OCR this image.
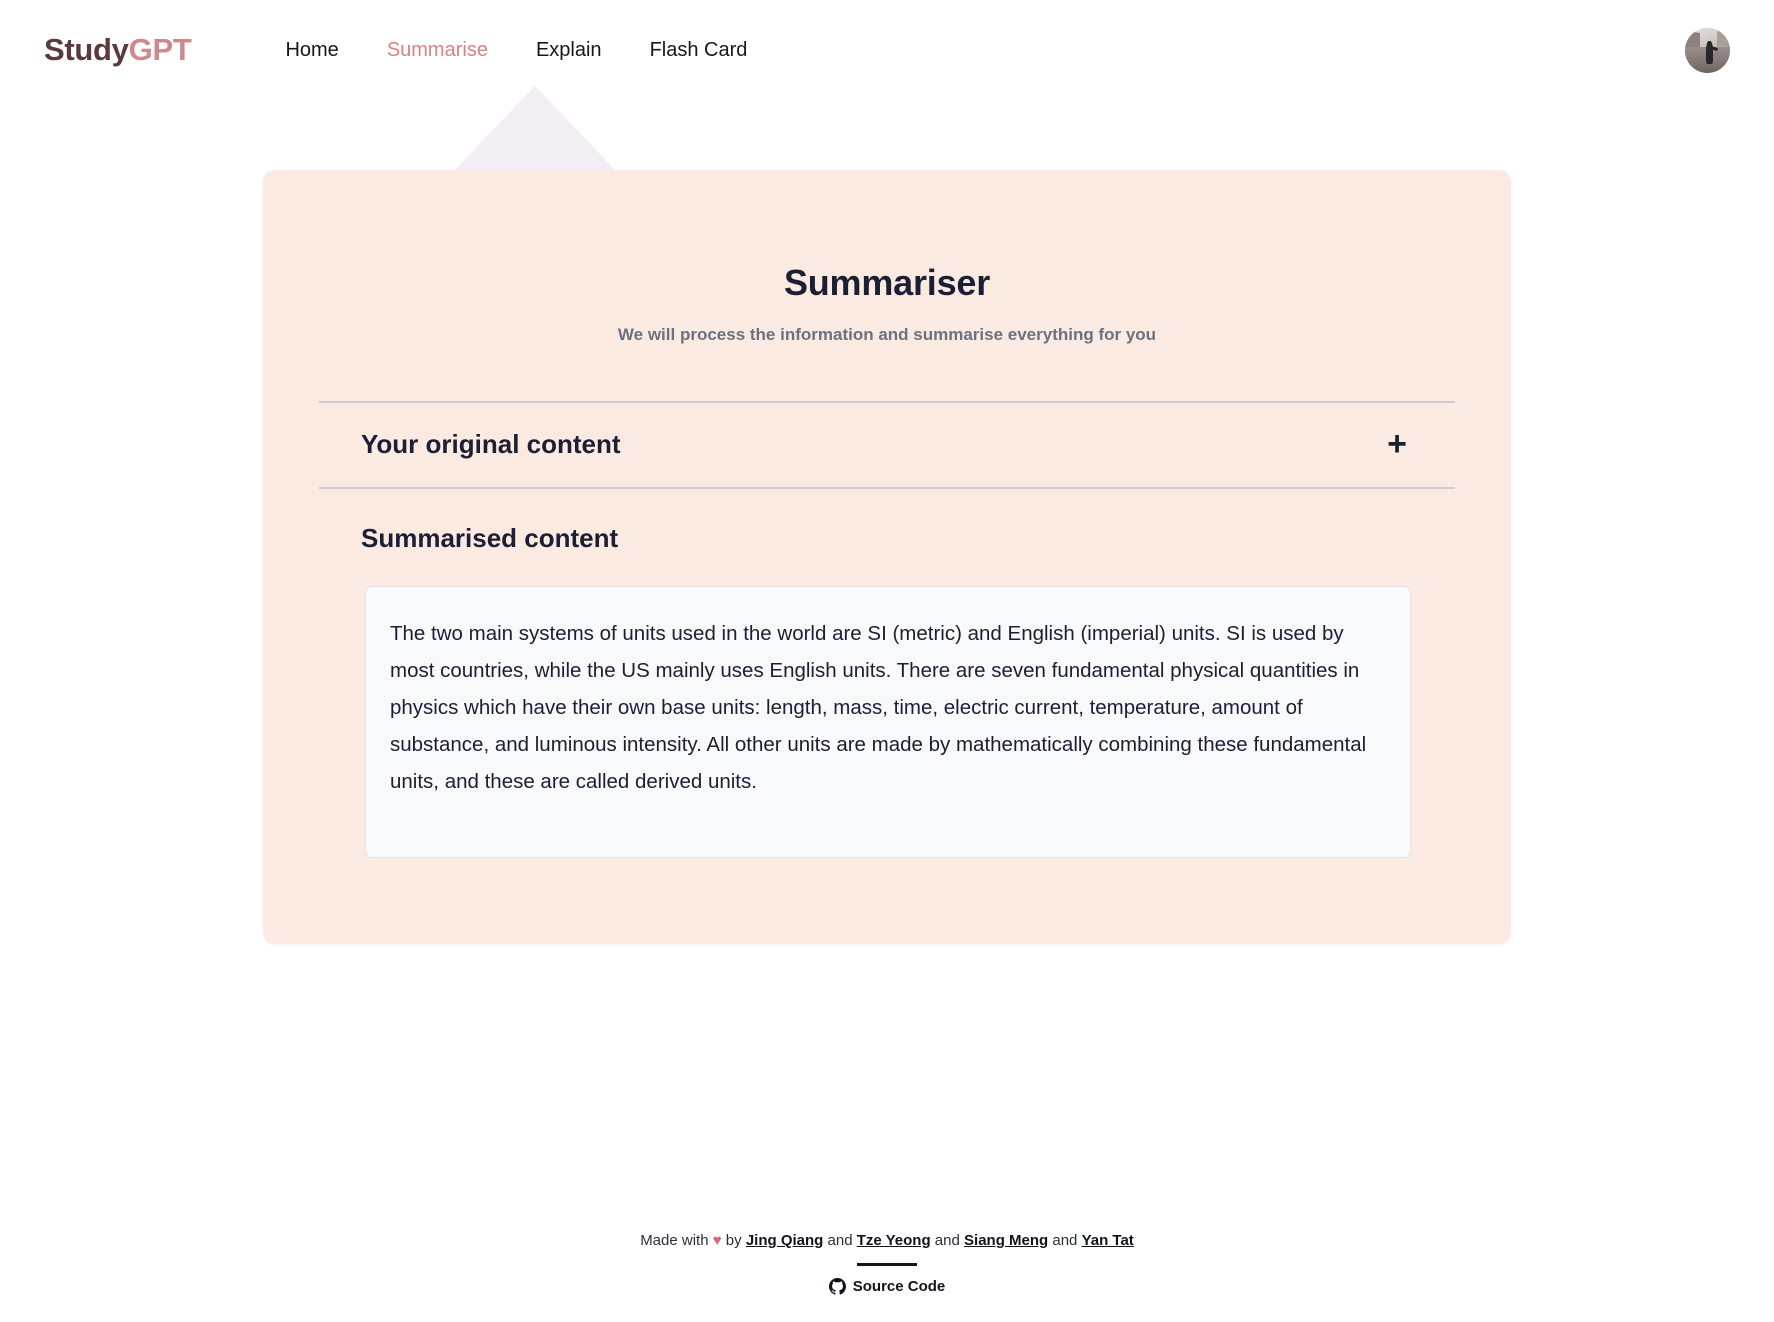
StudyGPT	Home Summarise Explain Flash Card
Summariser

We will process the information and summarise everything for you

Your original content	+
Summarised content

The two main systems of units used in the world are SI (metric) and English (imperial) units. SI is used by most countries, while the US mainly uses English units. There are seven fundamental physical quantities in physics which have their own base units: length, mass, time, electric current, temperature, amount of substance, and luminous intensity. All other units are made by mathematically combining these fundamental units, and these are called derived units.

Made with ♥ by Jing Qiang and Tze Yeong and Siang Meng and Yan Tat
Source Code
